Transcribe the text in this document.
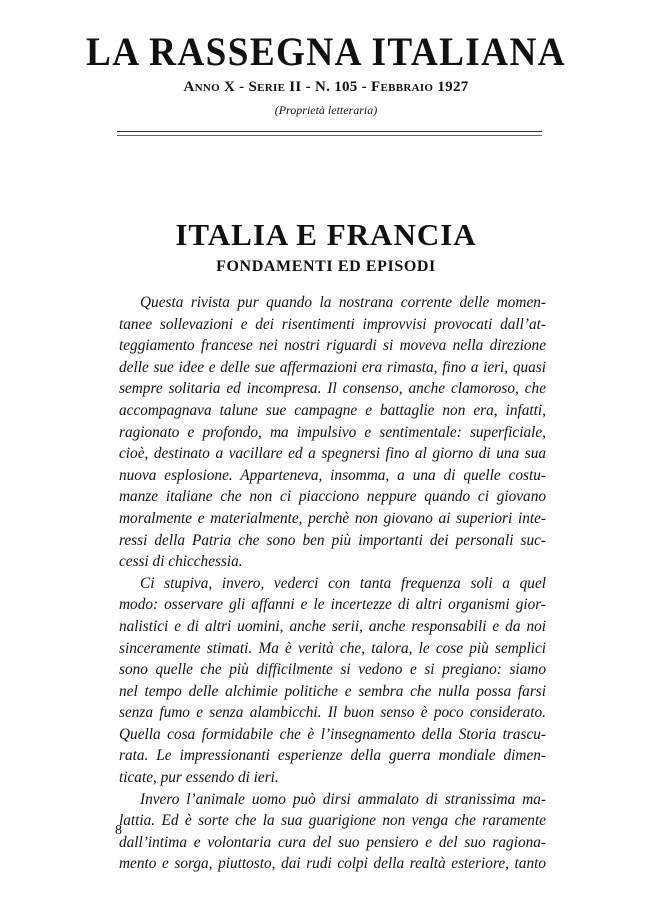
LA RASSEGNA ITALIANA
Anno X - Serie II - N. 105 - Febbraio 1927
(Proprietà letteraria)
ITALIA E FRANCIA
FONDAMENTI ED EPISODI
Questa rivista pur quando la nostrana corrente delle momen-
tanee sollevazioni e dei risentimenti improvvisi provocati dall’at-
teggiamento francese nei nostri riguardi si moveva nella direzione
delle sue idee e delle sue affermazioni era rimasta, fino a ieri, quasi
sempre solitaria ed incompresa. Il consenso, anche clamoroso, che
accompagnava talune sue campagne e battaglie non era, infatti,
ragionato e profondo, ma impulsivo e sentimentale: superficiale,
cioè, destinato a vacillare ed a spegnersi fino al giorno di una sua
nuova esplosione. Apparteneva, insomma, a una di quelle costu-
manze italiane che non ci piacciono neppure quando ci giovano
moralmente e materialmente, perchè non giovano ai superiori inte-
ressi della Patria che sono ben più importanti dei personali suc-
cessi di chicchessia.
Ci stupiva, invero, vederci con tanta frequenza soli a quel
modo: osservare gli affanni e le incertezze di altri organismi gior-
nalistici e di altri uomini, anche serii, anche responsabili e da noi
sinceramente stimati. Ma è verità che, talora, le cose più semplici
sono quelle che più difficilmente si vedono e si pregiano: siamo
nel tempo delle alchimie politiche e sembra che nulla possa farsi
senza fumo e senza alambicchi. Il buon senso è poco considerato.
Quella cosa formidabile che è l’insegnamento della Storia trascu-
rata. Le impressionanti esperienze della guerra mondiale dimen-
ticate, pur essendo di ieri.
Invero l’animale uomo può dirsi ammalato di stranissima ma-
lattia. Ed è sorte che la sua guarigione non venga che raramente
dall’intima e volontaria cura del suo pensiero e del suo ragiona-
mento e sorga, piuttosto, dai rudi colpi della realtà esteriore, tanto
8
